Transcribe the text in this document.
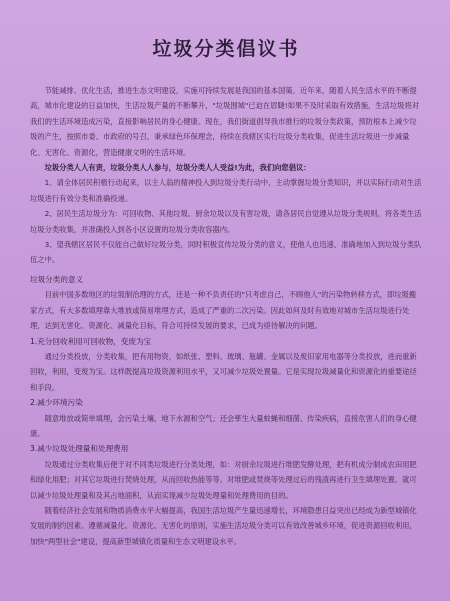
垃圾分类倡议书

节能减排、优化生活，推进生态文明建设，实施可持续发展是我国的基本国策。近年来，随着人民生活水平的不断提高，城市化建设的日益加快，生活垃圾产量的不断攀升，"垃圾围城"已迫在眉睫!如果不及时采取有效措施，生活垃圾将对我们的生活环境造成污染，直接影响居民的身心健康。现在，我们街道倡导我市推行的垃圾分类政策，预防根本上减少垃圾的产生，按照市委、市政府的号召，秉承绿色环保理念，持续在我辖区实行垃圾分类收集，促进生活垃圾进一步减量化、无害化、资源化，营造健康文明的生活环境。

垃圾分类人人有责，垃圾分类人人参与，垃圾分类人人受益!为此，我们向您倡议：

1、请全体居民积极行动起来，以主人翁的精神投入到垃圾分类行动中，主动掌握垃圾分类知识，并以实际行动对生活垃圾进行有效分类和准确投递。

2、居民生活垃圾分为：可回收物、其他垃圾、厨余垃圾以及有害垃圾，请各居民自觉遵从垃圾分类规则，将各类生活垃圾分类收集，并准确投入到各小区设置的垃圾分类收容器内。

3、望我辖区居民不仅能自己做好垃圾分类，同时积极宣传垃圾分类的意义，使他人也迅速、准确地加入到垃圾分类队伍之中。

垃圾分类的意义

目前中国多数地区的垃圾制治理的方式，还是一种不负责任的"只考虑自己，不顾他人"的污染物转移方式，即垃圾搬家方式，有大多数填埋靠大堆放或简易堆埋方式，造成了严重的二次污染。因此如何及时有效地对城市生活垃圾进行处理，达到无害化、资源化、减量化目标，符合可持续发展的要求，已成为亟待解决的问题。

1.充分回收利用可回收物，变废为宝

通过分类投放，分类收集，把有用物资，如纸张、塑料、玻璃、瓶罐、金属以及废旧家用电器等分类投放，进而重新回收，利用，变废为宝。这样既提高垃圾资源利用水平，又可减少垃圾处置量。它是实现垃圾减量化和资源化的重要途径和手段。

2.减少环境污染

随意堆放或简单填埋，会污染土壤、地下水源和空气；还会孳生大量蚊蝇和细菌、传染疾病，直接危害人们的身心健康。

3.减少垃圾处理量和处理费用

垃圾通过分类收集后便于对不同类垃圾进行分类处理，如：对厨余垃圾进行堆肥发酵处理，把有机成分制成农田用肥和绿化用肥；对其它垃圾进行焚烧处理，从而回收热能等等。对堆肥或焚烧等处理过后的残渣再进行卫生填埋处置。就可以减少垃圾处理量和及其占地面积，从而实现减少垃圾处理量和处理费用的目的。

随着经济社会发展和物质消费水平大幅提高，我国生活垃圾产生量迅速增长，环境隐患日益突出已经成为新型城镇化发展的制约因素。遵循减量化、资源化、无害化的原则，实施生活垃圾分类可以有效改善城乡环境，促进资源回收利用，加快"两型社会"建设，提高新型城镇化质量和生态文明建设水平。
